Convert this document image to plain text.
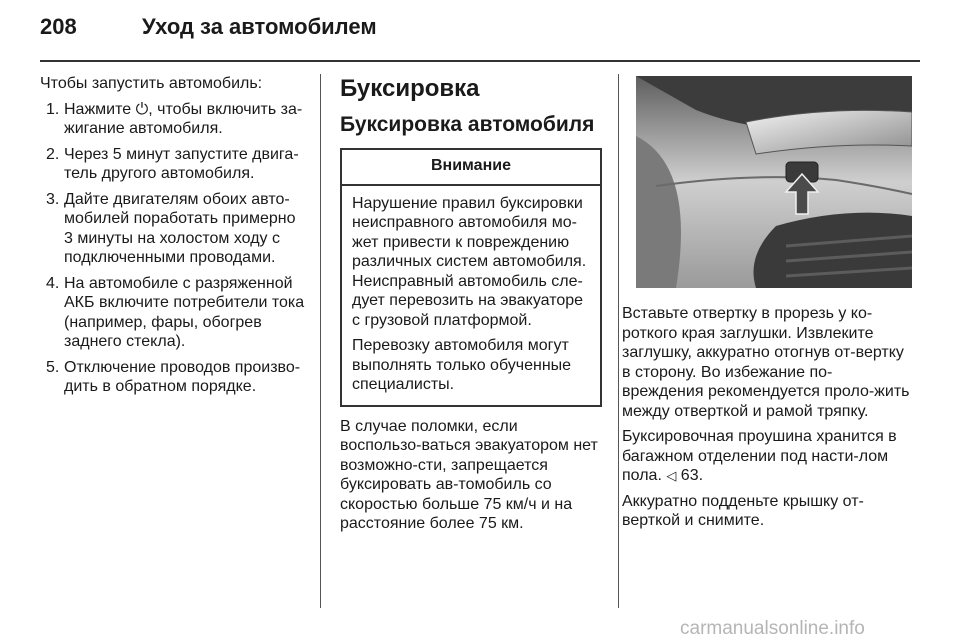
208	Уход за автомобилем

Чтобы запустить автомобиль:

1. Нажмите ⏻, чтобы включить за-жигание автомобиля.
2. Через 5 минут запустите двига-тель другого автомобиля.
3. Дайте двигателям обоих авто-мобилей поработать примерно 3 минуты на холостом ходу с подключенными проводами.
4. На автомобиле с разряженной АКБ включите потребители тока (например, фары, обогрев заднего стекла).
5. Отключение проводов произво-дить в обратном порядке.
Буксировка
Буксировка автомобиля
Внимание

Нарушение правил буксировки неисправного автомобиля мо-жет привести к повреждению различных систем автомобиля. Неисправный автомобиль сле-дует перевозить на эвакуаторе с грузовой платформой.

Перевозку автомобиля могут выполнять только обученные специалисты.

В случае поломки, если воспользо-ваться эвакуатором нет возможно-сти, запрещается буксировать ав-томобиль со скоростью больше 75 км/ч и на расстояние более 75 км.

Вставьте отвертку в прорезь у ко-роткого края заглушки. Извлеките заглушку, аккуратно отогнув от-вертку в сторону. Во избежание по-вреждения рекомендуется проло-жить между отверткой и рамой тряпку.

Буксировочная проушина хранится в багажном отделении под насти-лом пола. ◁ 63.

Аккуратно подденьте крышку от-верткой и снимите.

carmanualsonline.info
